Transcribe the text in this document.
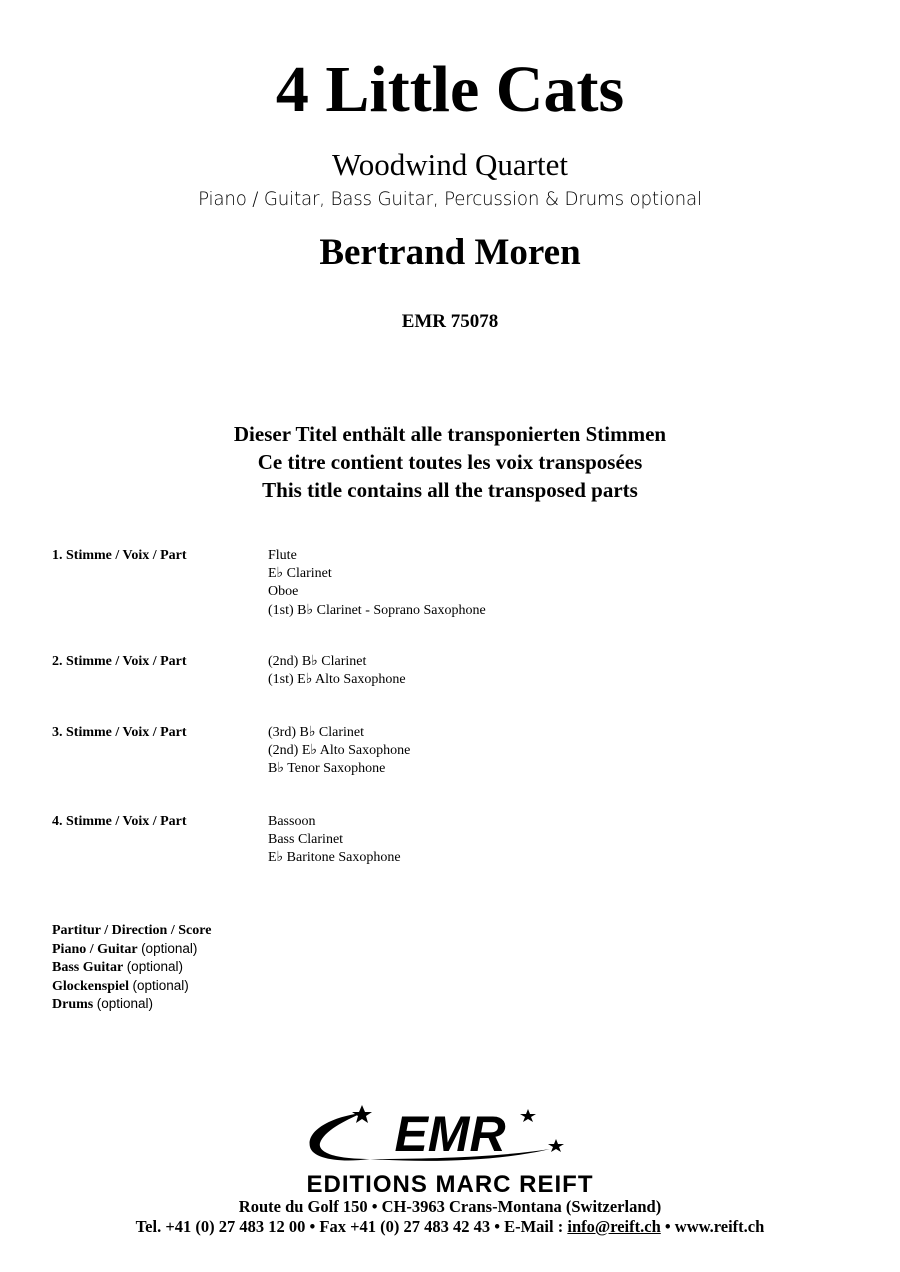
4 Little Cats
Woodwind Quartet
Piano / Guitar, Bass Guitar, Percussion & Drums optional
Bertrand Moren
EMR 75078
Dieser Titel enthält alle transponierten Stimmen
Ce titre contient toutes les voix transposées
This title contains all the transposed parts
1. Stimme / Voix / Part	Flute
E♭ Clarinet
Oboe
(1st) B♭ Clarinet - Soprano Saxophone
2. Stimme / Voix / Part	(2nd) B♭ Clarinet
(1st) E♭ Alto Saxophone
3. Stimme / Voix / Part	(3rd) B♭ Clarinet
(2nd) E♭ Alto Saxophone
B♭ Tenor Saxophone
4. Stimme / Voix / Part	Bassoon
Bass Clarinet
E♭ Baritone Saxophone
Partitur / Direction / Score
Piano / Guitar (optional)
Bass Guitar (optional)
Glockenspiel (optional)
Drums (optional)
EMR
EDITIONS MARC REIFT
Route du Golf 150 • CH-3963 Crans-Montana (Switzerland)
Tel. +41 (0) 27 483 12 00 • Fax +41 (0) 27 483 42 43 • E-Mail : info@reift.ch • www.reift.ch
